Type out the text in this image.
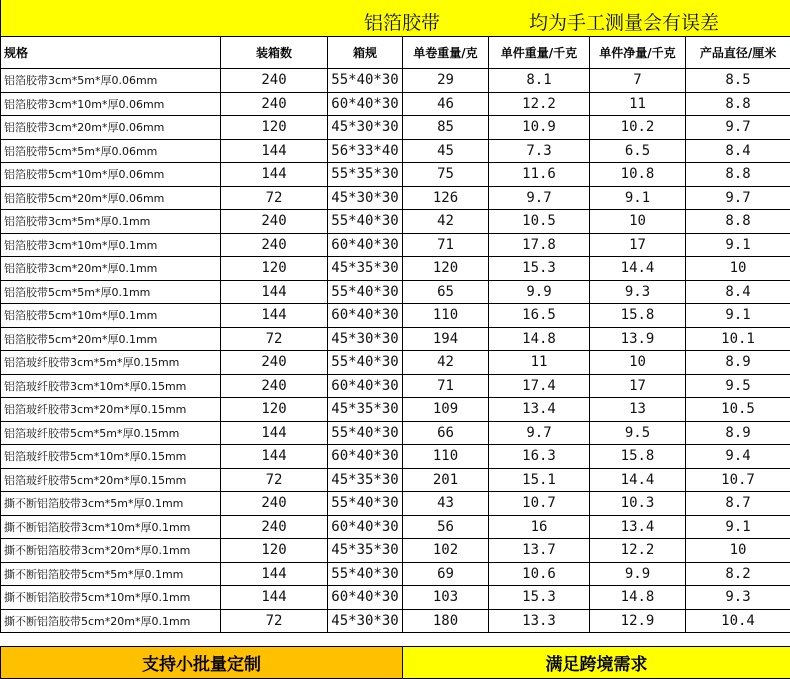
铝箔胶带 均为手工测量会有误差						

规格	装箱数	箱规	单卷重量/克	单件重量/千克	单件净量/千克	产品直径/厘米
铝箔胶带3cm*5m*厚0.06mm	240	55*40*30	29	8.1	7	8.5
铝箔胶带3cm*10m*厚0.06mm	240	60*40*30	46	12.2	11	8.8
铝箔胶带3cm*20m*厚0.06mm	120	45*30*30	85	10.9	10.2	9.7
铝箔胶带5cm*5m*厚0.06mm	144	56*33*40	45	7.3	6.5	8.4
铝箔胶带5cm*10m*厚0.06mm	144	55*35*30	75	11.6	10.8	8.8
铝箔胶带5cm*20m*厚0.06mm	72	45*30*30	126	9.7	9.1	9.7
铝箔胶带3cm*5m*厚0.1mm	240	55*40*30	42	10.5	10	8.8
铝箔胶带3cm*10m*厚0.1mm	240	60*40*30	71	17.8	17	9.1
铝箔胶带3cm*20m*厚0.1mm	120	45*35*30	120	15.3	14.4	10
铝箔胶带5cm*5m*厚0.1mm	144	55*40*30	65	9.9	9.3	8.4
铝箔胶带5cm*10m*厚0.1mm	144	60*40*30	110	16.5	15.8	9.1
铝箔胶带5cm*20m*厚0.1mm	72	45*30*30	194	14.8	13.9	10.1
铝箔玻纤胶带3cm*5m*厚0.15mm	240	55*40*30	42	11	10	8.9
铝箔玻纤胶带3cm*10m*厚0.15mm	240	60*40*30	71	17.4	17	9.5
铝箔玻纤胶带3cm*20m*厚0.15mm	120	45*35*30	109	13.4	13	10.5
铝箔玻纤胶带5cm*5m*厚0.15mm	144	55*40*30	66	9.7	9.5	8.9
铝箔玻纤胶带5cm*10m*厚0.15mm	144	60*40*30	110	16.3	15.8	9.4
铝箔玻纤胶带5cm*20m*厚0.15mm	72	45*35*30	201	15.1	14.4	10.7
撕不断铝箔胶带3cm*5m*厚0.1mm	240	55*40*30	43	10.7	10.3	8.7
撕不断铝箔胶带3cm*10m*厚0.1mm	240	60*40*30	56	16	13.4	9.1
撕不断铝箔胶带3cm*20m*厚0.1mm	120	45*35*30	102	13.7	12.2	10
撕不断铝箔胶带5cm*5m*厚0.1mm	144	55*40*30	69	10.6	9.9	8.2
撕不断铝箔胶带5cm*10m*厚0.1mm	144	60*40*30	103	15.3	14.8	9.3
撕不断铝箔胶带5cm*20m*厚0.1mm	72	45*30*30	180	13.3	12.9	10.4
支持小批量定制	满足跨境需求
